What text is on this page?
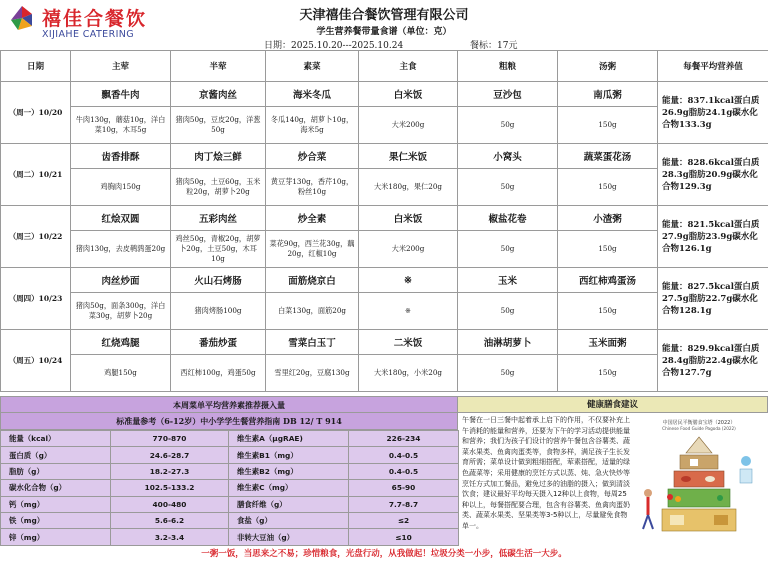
禧佳合餐饮
XIJIAHE CATERING
天津禧佳合餐饮管理有限公司
学生营养餐带量食谱（单位：克）
日期：2025.10.20---2025.10.24	餐标：17元
日期	主荤	半荤	素菜	主食	粗粮	汤粥	每餐平均营养值
（周一）10/20	飘香牛肉	京酱肉丝	海米冬瓜	白米饭	豆沙包	南瓜粥	能量：837.1kcal蛋白质
26.9g脂肪24.1g碳水化
合物133.3g

	牛肉130g，蘑菇10g，洋白菜10g，木耳5g	猪肉50g，豆皮20g，洋葱50g	冬瓜140g，胡萝卜10g，海米5g	大米200g	50g	150g	
（周二）10/21	齿香排酥	肉丁烩三鲜	炒合菜	果仁米饭	小窝头	蔬菜蛋花汤	能量：828.6kcal蛋白质
28.3g脂肪20.9g碳水化
合物129.3g

	鸡胸肉150g	猪肉50g，土豆60g，玉米粒20g，胡萝卜20g	黄豆芽130g，香芹10g，粉丝10g	大米180g，果仁20g	50g	150g	
（周三）10/22	红烩双圆	五彩肉丝	炒全素	白米饭	椒盐花卷	小渣粥	能量：821.5kcal蛋白质
27.9g脂肪23.9g碳水化
合物126.1g

	猪肉130g，去皮鹌鹑蛋20g	鸡丝50g，青椒20g，胡萝卜20g，土豆50g，木耳10g	菜花90g，西兰花30g，藕20g，红椒10g	大米200g	50g	150g	
（周四）10/23	肉丝炒面	火山石烤肠	面筋烧京白	※	玉米	西红柿鸡蛋汤	能量：827.5kcal蛋白质
27.5g脂肪22.7g碳水化
合物128.1g

	猪肉50g，面条300g，洋白菜30g，胡萝卜20g	猪肉烤肠100g	白菜130g，面筋20g	※	50g	150g	
（周五）10/24	红烧鸡腿	番茄炒蛋	雪菜白玉丁	二米饭	油淋胡萝卜	玉米面粥	能量：829.9kcal蛋白质
28.4g脂肪22.4g碳水化
合物127.7g

	鸡腿150g	西红柿100g，鸡蛋50g	雪里红20g，豆腐130g	大米180g，小米20g	50g	150g	
本周菜单平均营养素推荐摄入量
标准量参考（6-12岁）中小学学生餐营养指南 DB 12/ T 914
能量（kcal）	770-870	维生素A（μgRAE)	226-234
蛋白质（g）	24.6-28.7	维生素B1（mg）	0.4-0.5
脂肪（g）	18.2-27.3	维生素B2（mg）	0.4-0.5
碳水化合物（g）	102.5-133.2	维生素C（mg）	65-90
钙（mg）	400-480	膳食纤维（g）	7.7-8.7
铁（mg）	5.6-6.2	食盐（g）	≤2
锌（mg）	3.2-3.4	非转大豆油（g）	≤10
健康膳食建议
午餐在一日三餐中起着承上启下的作用，不仅要补充上午消耗的能量和营养，还要为下午的学习活动提供能量和营养；我们为孩子们设计的营养午餐包含谷薯类、蔬菜水果类、鱼禽肉蛋类等，食物多样，满足孩子生长发育所需；菜单设计做到粗细搭配，荤素搭配，适量的绿色蔬菜等；采用健康的烹饪方式以蒸、炖、急火快炒等烹饪方式加工餐品，避免过多的油脂的摄入；做到清淡饮食；建议最好平均每天摄入12种以上食物，每周25种以上，每餐搭配要合理，包含有谷薯类、鱼禽肉蛋奶类、蔬菜水果类、坚果类等3-5种以上，尽量避免食物单一。
中国居民平衡膳食宝塔（2022）
Chinese Food Guide Pagoda (2022)
一粥一饭，当思来之不易；珍惜粮食，光盘行动，从我做起！垃圾分类一小步，低碳生活一大步。
